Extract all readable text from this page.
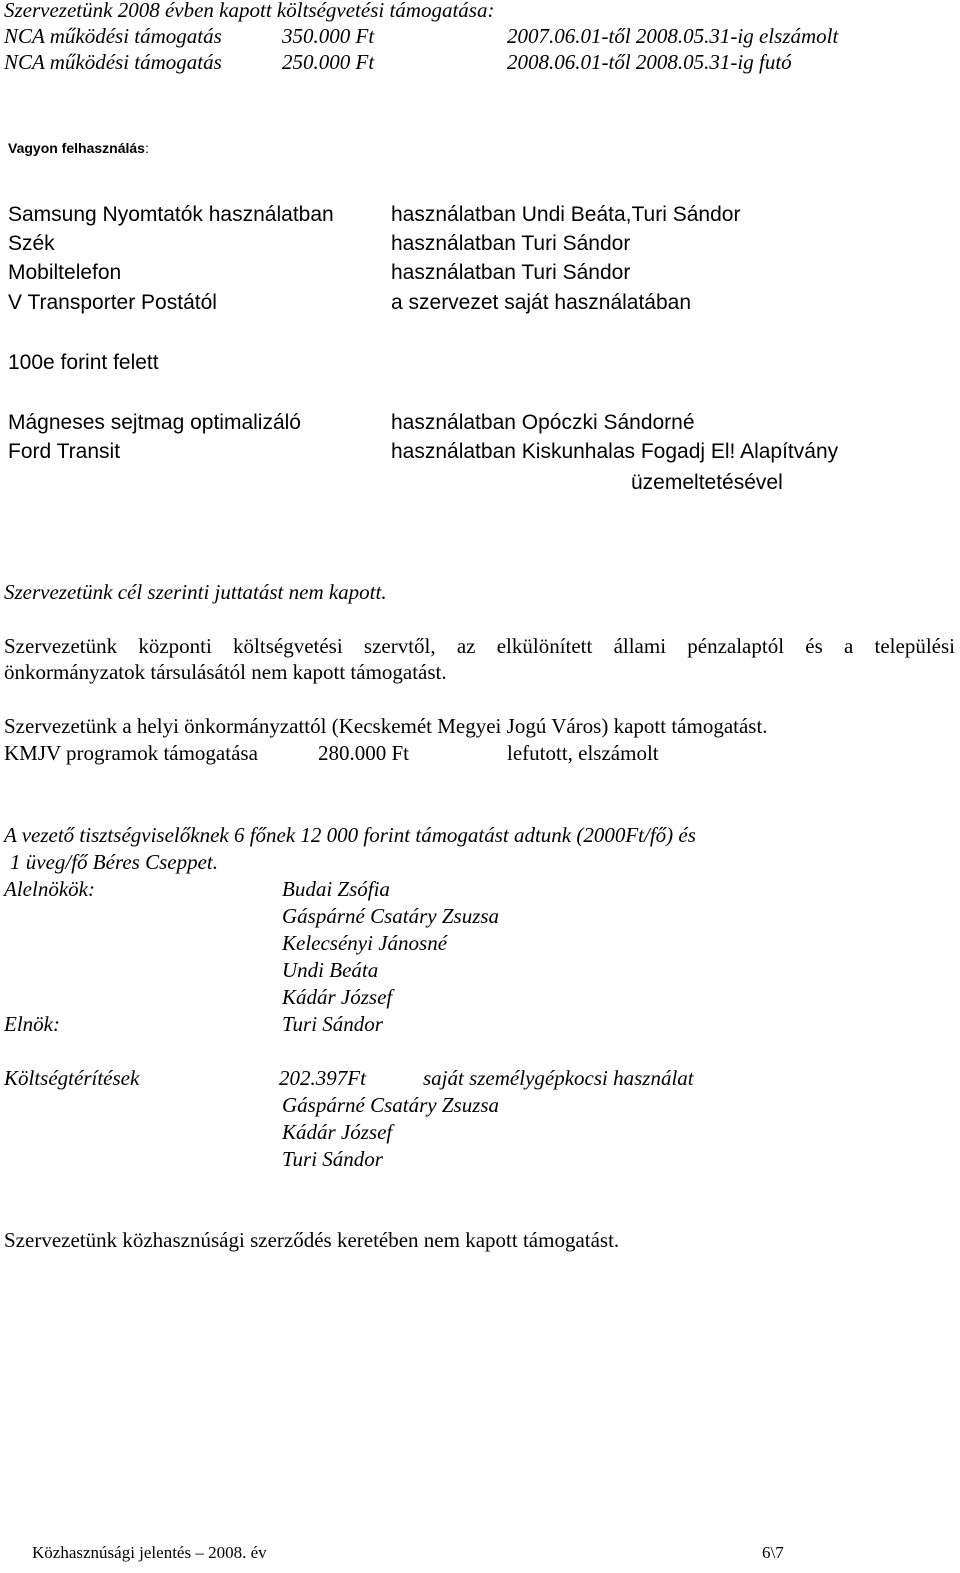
Szervezetünk 2008 évben kapott költségvetési támogatása:
NCA működési támogatás	350.000 Ft	2007.06.01-től 2008.05.31-ig elszámolt
NCA működési támogatás	250.000 Ft	2008.06.01-től 2008.05.31-ig futó
Vagyon felhasználás:
Samsung Nyomtatók használatban	használatban Undi Beáta,Turi Sándor
Szék	használatban Turi Sándor
Mobiltelefon	használatban Turi Sándor
V Transporter Postától	a szervezet saját használatában
100e forint felett
Mágneses sejtmag optimalizáló	használatban Opóczki Sándorné
Ford Transit	használatban Kiskunhalas Fogadj El! Alapítvány
üzemeltetésével
Szervezetünk cél szerinti juttatást nem kapott.
Szervezetünk központi költségvetési szervtől, az elkülönített állami pénzalaptól és a települési
önkormányzatok társulásától nem kapott támogatást.
Szervezetünk a helyi önkormányzattól (Kecskemét Megyei Jogú Város) kapott támogatást.
KMJV programok támogatása	280.000 Ft	lefutott, elszámolt
A vezető tisztségviselőknek 6 főnek 12 000 forint támogatást adtunk (2000Ft/fő) és
1 üveg/fő Béres Cseppet.
Alelnökök:	Budai Zsófia
Gáspárné Csatáry Zsuzsa
Kelecsényi Jánosné
Undi Beáta
Kádár József
Elnök:	Turi Sándor
Költségtérítések	202.397Ft	saját személygépkocsi használat
Gáspárné Csatáry Zsuzsa
Kádár József
Turi Sándor
Szervezetünk közhasznúsági szerződés keretében nem kapott támogatást.
Közhasznúsági jelentés – 2008. év	6\7
